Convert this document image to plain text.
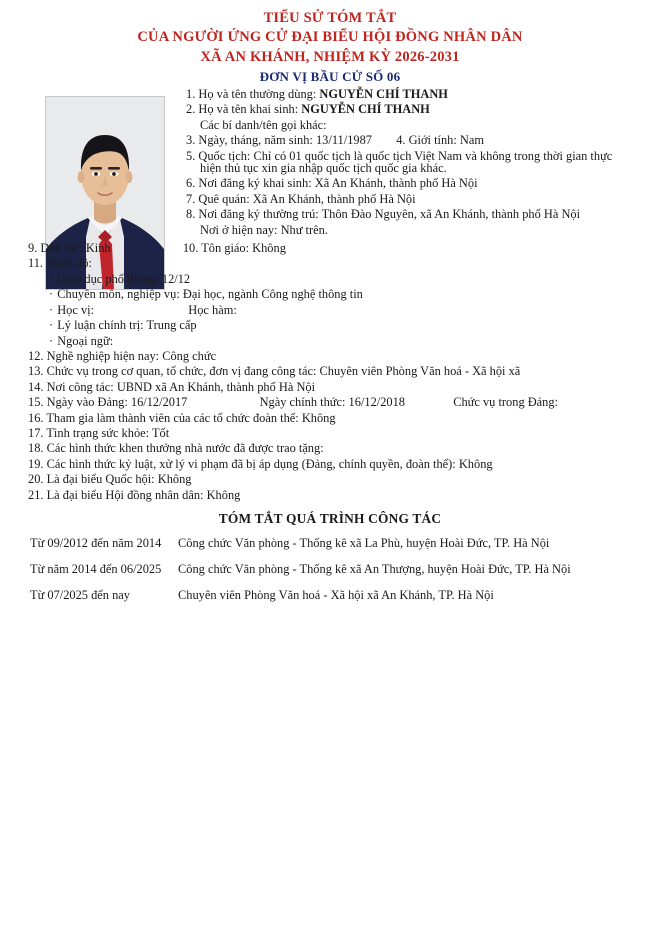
TIỂU SỬ TÓM TẮT
CỦA NGƯỜI ỨNG CỬ ĐẠI BIỂU HỘI ĐỒNG NHÂN DÂN
XÃ AN KHÁNH, NHIỆM KỲ 2026-2031
ĐƠN VỊ BẦU CỬ SỐ 06
1. Họ và tên thường dùng: NGUYỄN CHÍ THANH
2. Họ và tên khai sinh: NGUYỄN CHÍ THANH
Các bí danh/tên gọi khác:
3. Ngày, tháng, năm sinh: 13/11/1987 4. Giới tính: Nam
5. Quốc tịch: Chỉ có 01 quốc tịch là quốc tịch Việt Nam và không trong thời gian thực hiện thủ tục xin gia nhập quốc tịch quốc gia khác.
6. Nơi đăng ký khai sinh: Xã An Khánh, thành phố Hà Nội
7. Quê quán: Xã An Khánh, thành phố Hà Nội
8. Nơi đăng ký thường trú: Thôn Đào Nguyên, xã An Khánh, thành phố Hà Nội
Nơi ở hiện nay: Như trên.
9. Dân tộc: Kinh	10. Tôn giáo: Không
11. Trình độ:
· Giáo dục phổ thông: 12/12
· Chuyên môn, nghiệp vụ: Đại học, ngành Công nghệ thông tin
· Học vị:	Học hàm:
· Lý luận chính trị: Trung cấp
· Ngoại ngữ:
12. Nghề nghiệp hiện nay: Công chức
13. Chức vụ trong cơ quan, tổ chức, đơn vị đang công tác: Chuyên viên Phòng Văn hoá - Xã hội xã
14. Nơi công tác: UBND xã An Khánh, thành phố Hà Nội
15. Ngày vào Đảng: 16/12/2017	Ngày chính thức: 16/12/2018	Chức vụ trong Đảng:
16. Tham gia làm thành viên của các tổ chức đoàn thể: Không
17. Tình trạng sức khỏe: Tốt
18. Các hình thức khen thưởng nhà nước đã được trao tặng:
19. Các hình thức kỷ luật, xử lý vi phạm đã bị áp dụng (Đảng, chính quyền, đoàn thể): Không
20. Là đại biểu Quốc hội: Không
21. Là đại biểu Hội đồng nhân dân: Không
TÓM TẮT QUÁ TRÌNH CÔNG TÁC
Từ 09/2012 đến năm 2014	Công chức Văn phòng - Thống kê xã La Phù, huyện Hoài Đức, TP. Hà Nội
Từ năm 2014 đến 06/2025	Công chức Văn phòng - Thống kê xã An Thượng, huyện Hoài Đức, TP. Hà Nội
Từ 07/2025 đến nay	Chuyên viên Phòng Văn hoá - Xã hội xã An Khánh, TP. Hà Nội
